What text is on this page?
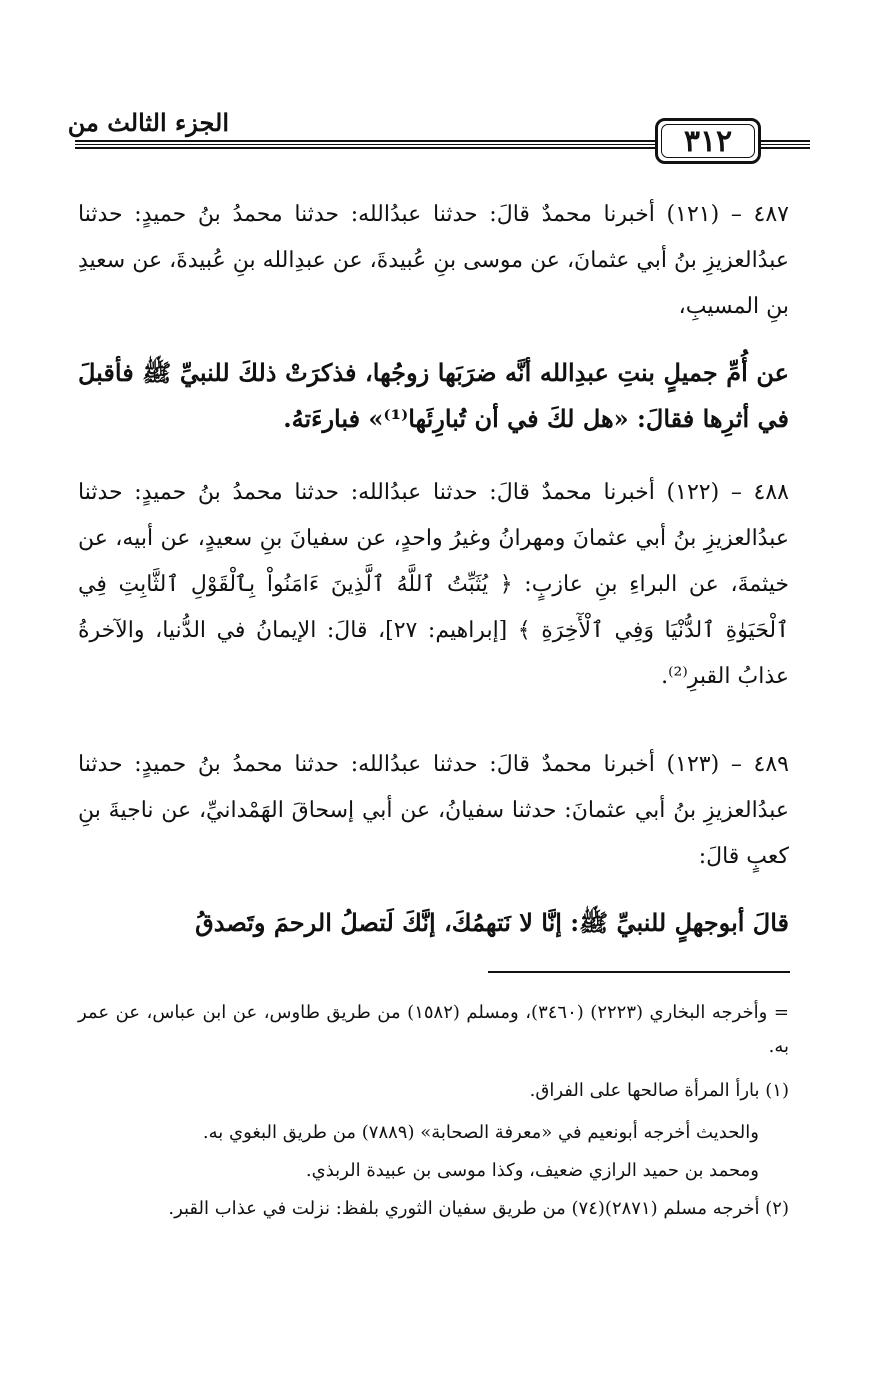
الجزء الثالث من
٣١٢
٤٨٧ – (١٢١) أخبرنا محمدٌ قالَ: حدثنا عبدُالله: حدثنا محمدُ بنُ حميدٍ: حدثنا عبدُالعزيزِ بنُ أبي عثمانَ، عن موسى بنِ عُبيدةَ، عن عبدِالله بنِ عُبيدةَ، عن سعيدِ بنِ المسيبِ،
عن أُمِّ جميلٍ بنتِ عبدِالله أنَّه ضرَبَها زوجُها، فذكرَتْ ذلكَ للنبيِّ ﷺ فأقبلَ في أثرِها فقالَ: «هل لكَ في أن تُبارِئَها⁽¹⁾» فبارءَتهُ.
٤٨٨ – (١٢٢) أخبرنا محمدٌ قالَ: حدثنا عبدُالله: حدثنا محمدُ بنُ حميدٍ: حدثنا عبدُالعزيزِ بنُ أبي عثمانَ ومهرانُ وغيرُ واحدٍ، عن سفيانَ بنِ سعيدٍ، عن أبيه، عن خيثمةَ، عن البراءِ بنِ عازبٍ: ﴿ يُثَبِّتُ ٱللَّهُ ٱلَّذِينَ ءَامَنُواْ بِٱلْقَوْلِ ٱلثَّابِتِ فِي ٱلْحَيَوٰةِ ٱلدُّنْيَا وَفِي ٱلْأٓخِرَةِ ﴾ [إبراهيم: ٢٧]، قالَ: الإيمانُ في الدُّنيا، والآخرةُ عذابُ القبرِ⁽²⁾.
٤٨٩ – (١٢٣) أخبرنا محمدٌ قالَ: حدثنا عبدُالله: حدثنا محمدُ بنُ حميدٍ: حدثنا عبدُالعزيزِ بنُ أبي عثمانَ: حدثنا سفيانُ، عن أبي إسحاقَ الهَمْدانيِّ، عن ناجيةَ بنِ كعبٍ قالَ:
قالَ أبوجهلٍ للنبيِّ ﷺ: إنَّا لا نَتهمُكَ، إنَّكَ لَتصلُ الرحمَ وتَصدقُ
= وأخرجه البخاري (٢٢٢٣) (٣٤٦٠)، ومسلم (١٥٨٢) من طريق طاوس، عن ابن عباس، عن عمر به.
(١) بارأ المرأة صالحها على الفراق.
والحديث أخرجه أبونعيم في «معرفة الصحابة» (٧٨٨٩) من طريق البغوي به.
ومحمد بن حميد الرازي ضعيف، وكذا موسى بن عبيدة الربذي.
(٢) أخرجه مسلم (٢٨٧١)(٧٤) من طريق سفيان الثوري بلفظ: نزلت في عذاب القبر.
